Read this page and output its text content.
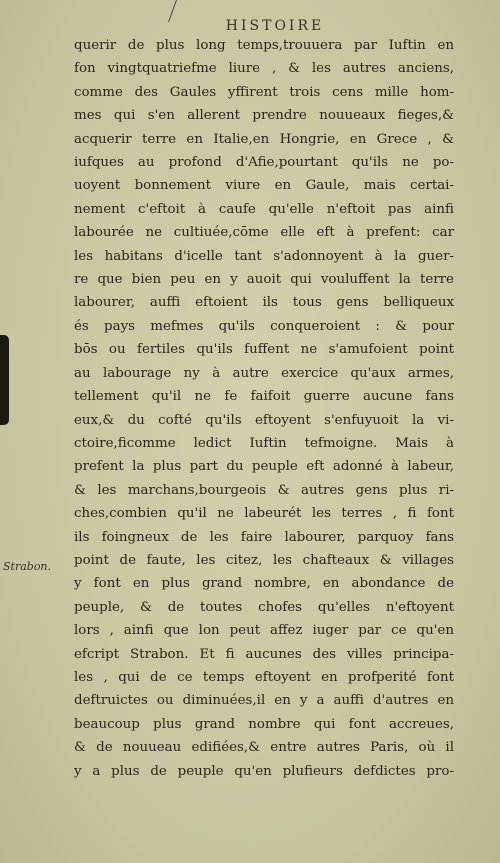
HISTOIRE
Strabon.
querir de plus long temps,trouuera par Iuftin en
fon vingtquatriefme liure , & les autres anciens,
comme des Gaules yffirent trois cens mille hom-
mes qui s'en allerent prendre nouueaux fieges,&
acquerir terre en Italie,en Hongrie, en Grece , &
iufques au profond d'Afie,pourtant qu'ils ne po-
uoyent bonnement viure en Gaule, mais certai-
nement c'eftoit à caufe qu'elle n'eftoit pas ainfi
labourée ne cultiuée,cōme elle eft à prefent: car
les habitans d'icelle tant s'adonnoyent à la guer-
re que bien peu en y auoit qui vouluffent la terre
labourer, auffi eftoient ils tous gens belliqueux
és pays mefmes qu'ils conqueroient : & pour
bōs ou fertiles qu'ils fuffent ne s'amufoient point
au labourage ny à autre exercice qu'aux armes,
tellement qu'il ne fe faifoit guerre aucune fans
eux,& du cofté qu'ils eftoyent s'enfuyuoit la vi-
ctoire,ficomme ledict Iuftin tefmoigne. Mais à
prefent la plus part du peuple eft adonné à labeur,
& les marchans,bourgeois & autres gens plus ri-
ches,combien qu'il ne labeurét les terres , fi font
ils foingneux de les faire labourer, parquoy fans
point de faute, les citez, les chafteaux & villages
y font en plus grand nombre, en abondance de
peuple, & de toutes chofes qu'elles n'eftoyent
lors , ainfi que lon peut affez iuger par ce qu'en
efcript Strabon. Et fi aucunes des villes principa-
les , qui de ce temps eftoyent en profperité font
deftruictes ou diminuées,il en y a auffi d'autres en
beaucoup plus grand nombre qui font accreues,
& de nouueau edifiées,& entre autres Paris, où il
y a plus de peuple qu'en plufieurs defdictes pro-
